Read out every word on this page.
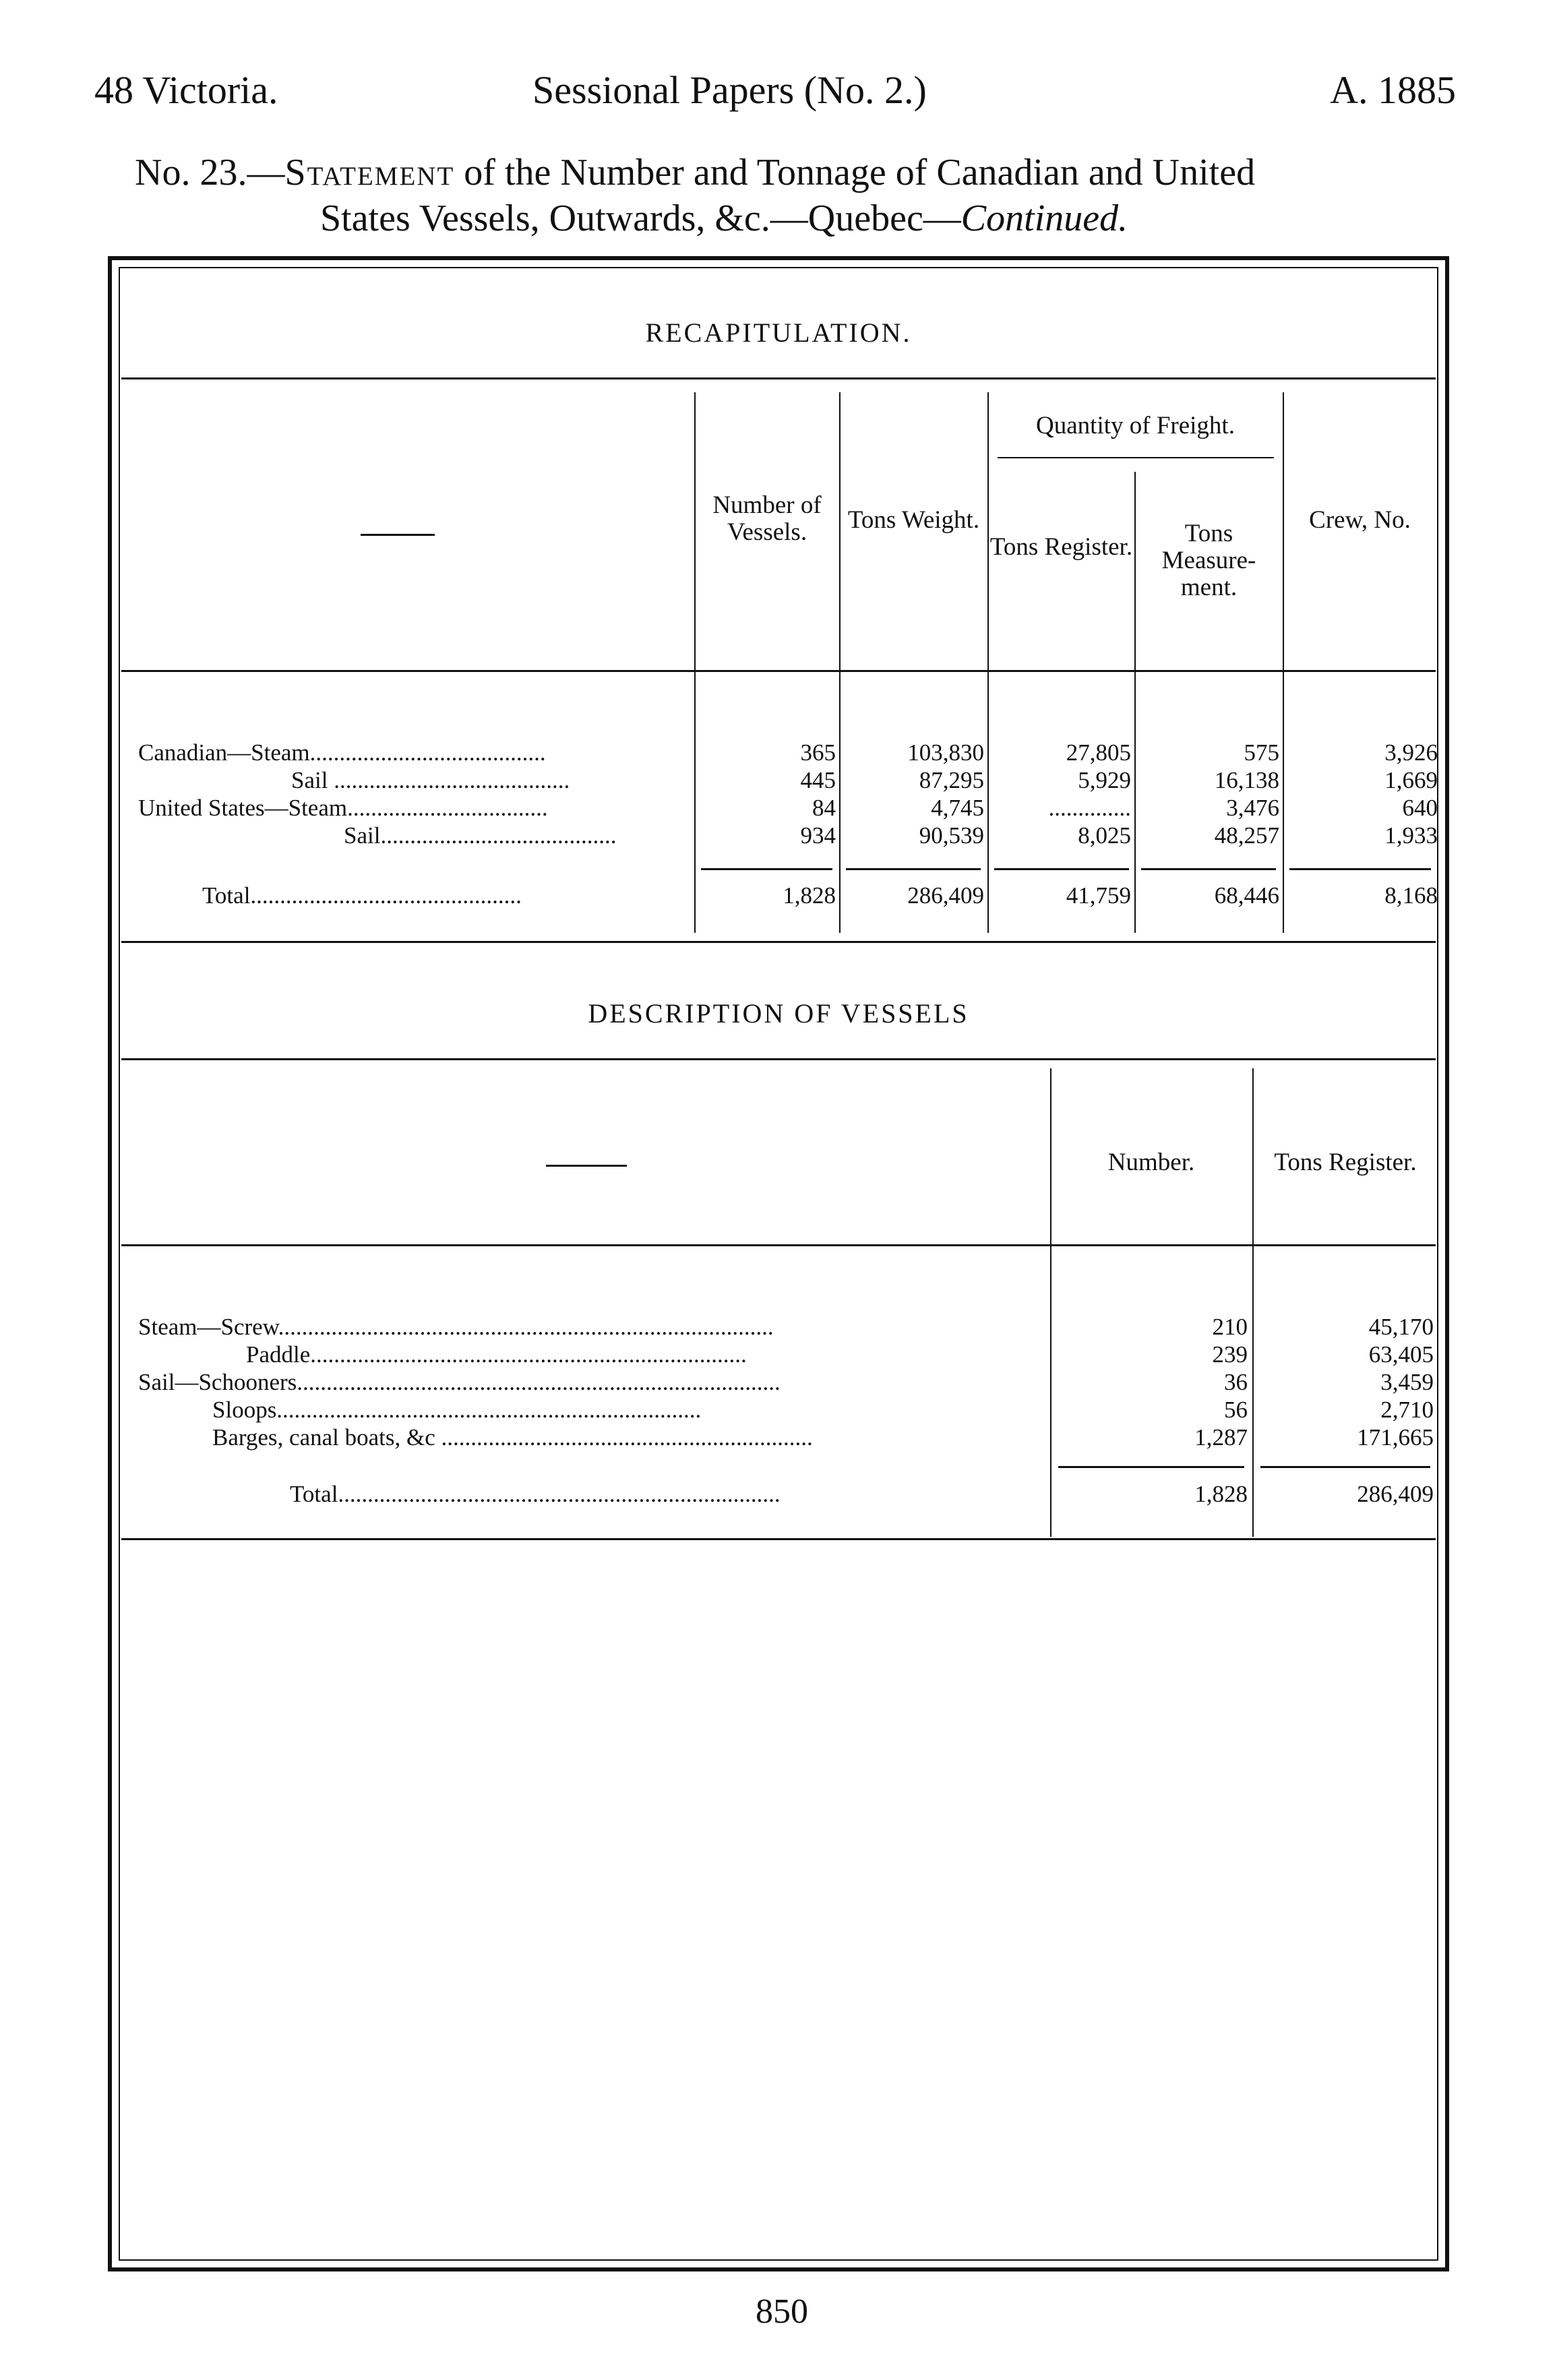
48 Victoria.	Sessional Papers (No. 2.)	A. 1885
No. 23.—Statement of the Number and Tonnage of Canadian and United
States Vessels, Outwards, &c.—Quebec—Continued.
RECAPITULATION.
Number of Vessels.	Tons Weight.
Quantity of Freight.
Tons Register.	Tons Measure-ment.
Crew, No.
Canadian—Steam........................................	365	103,830	27,805	575	3,926
Sail ........................................	445	87,295	5,929	16,138	1,669
United States—Steam..................................	84	4,745	..............	3,476	640
Sail........................................	934	90,539	8,025	48,257	1,933
Total..............................................	1,828	286,409	41,759	68,446	8,168
DESCRIPTION OF VESSELS
Number.	Tons Register.
Steam—Screw....................................................................................	210	45,170
Paddle..........................................................................	239	63,405
Sail—Schooners..................................................................................	36	3,459
Sloops........................................................................	56	2,710
Barges, canal boats, &c ...............................................................	1,287	171,665
Total...........................................................................	1,828	286,409
850
